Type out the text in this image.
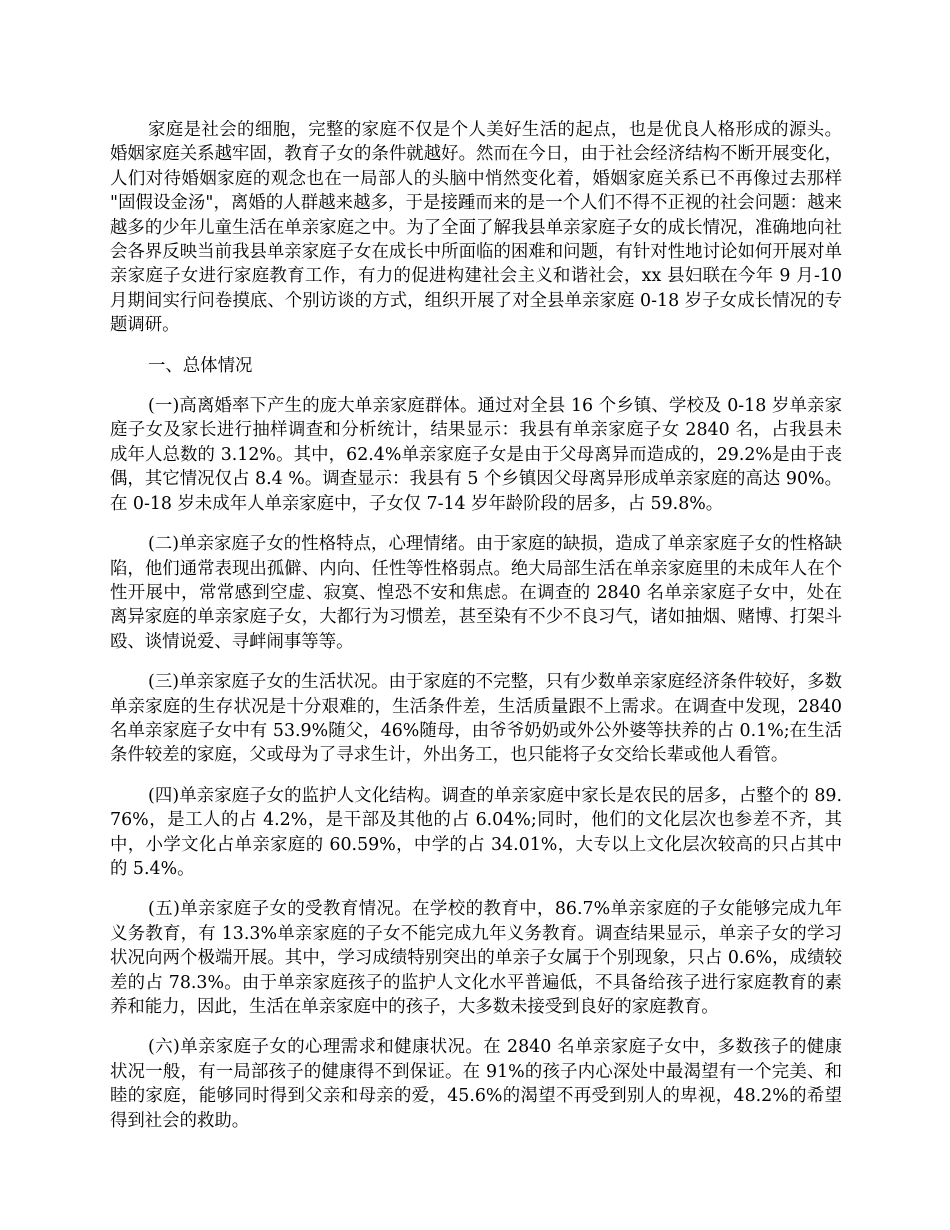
家庭是社会的细胞，完整的家庭不仅是个人美好生活的起点，也是优良人格形成的源头。婚姻家庭关系越牢固，教育子女的条件就越好。然而在今日，由于社会经济结构不断开展变化，人们对待婚姻家庭的观念也在一局部人的头脑中悄然变化着，婚姻家庭关系已不再像过去那样 "固假设金汤"，离婚的人群越来越多，于是接踵而来的是一个人们不得不正视的社会问题：越来越多的少年儿童生活在单亲家庭之中。为了全面了解我县单亲家庭子女的成长情况，准确地向社会各界反映当前我县单亲家庭子女在成长中所面临的困难和问题，有针对性地讨论如何开展对单亲家庭子女进行家庭教育工作，有力的促进构建社会主义和谐社会，xx 县妇联在今年 9 月-10 月期间实行问卷摸底、个别访谈的方式，组织开展了对全县单亲家庭 0-18 岁子女成长情况的专题调研。

一、总体情况

(一)高离婚率下产生的庞大单亲家庭群体。通过对全县 16 个乡镇、学校及 0-18 岁单亲家庭子女及家长进行抽样调查和分析统计，结果显示：我县有单亲家庭子女 2840 名，占我县未成年人总数的 3.12%。其中，62.4%单亲家庭子女是由于父母离异而造成的，29.2%是由于丧偶，其它情况仅占 8.4 %。调查显示：我县有 5 个乡镇因父母离异形成单亲家庭的高达 90%。在 0-18 岁未成年人单亲家庭中，子女仅 7-14 岁年龄阶段的居多，占 59.8%。

(二)单亲家庭子女的性格特点，心理情绪。由于家庭的缺损，造成了单亲家庭子女的性格缺陷，他们通常表现出孤僻、内向、任性等性格弱点。绝大局部生活在单亲家庭里的未成年人在个性开展中，常常感到空虚、寂寞、惶恐不安和焦虑。在调查的 2840 名单亲家庭子女中，处在离异家庭的单亲家庭子女，大都行为习惯差，甚至染有不少不良习气，诸如抽烟、赌博、打架斗殴、谈情说爱、寻衅闹事等等。

(三)单亲家庭子女的生活状况。由于家庭的不完整，只有少数单亲家庭经济条件较好，多数单亲家庭的生存状况是十分艰难的，生活条件差，生活质量跟不上需求。在调查中发现，2840 名单亲家庭子女中有 53.9%随父，46%随母，由爷爷奶奶或外公外婆等扶养的占 0.1%;在生活条件较差的家庭，父或母为了寻求生计，外出务工，也只能将子女交给长辈或他人看管。

(四)单亲家庭子女的监护人文化结构。调查的单亲家庭中家长是农民的居多，占整个的 89.76%，是工人的占 4.2%，是干部及其他的占 6.04%;同时，他们的文化层次也参差不齐，其中，小学文化占单亲家庭的 60.59%，中学的占 34.01%，大专以上文化层次较高的只占其中的 5.4%。

(五)单亲家庭子女的受教育情况。在学校的教育中，86.7%单亲家庭的子女能够完成九年义务教育，有 13.3%单亲家庭的子女不能完成九年义务教育。调查结果显示，单亲子女的学习状况向两个极端开展。其中，学习成绩特别突出的单亲子女属于个别现象，只占 0.6%，成绩较差的占 78.3%。由于单亲家庭孩子的监护人文化水平普遍低，不具备给孩子进行家庭教育的素养和能力，因此，生活在单亲家庭中的孩子，大多数未接受到良好的家庭教育。

(六)单亲家庭子女的心理需求和健康状况。在 2840 名单亲家庭子女中，多数孩子的健康状况一般，有一局部孩子的健康得不到保证。在 91%的孩子内心深处中最渴望有一个完美、和睦的家庭，能够同时得到父亲和母亲的爱，45.6%的渴望不再受到别人的卑视，48.2%的希望得到社会的救助。
